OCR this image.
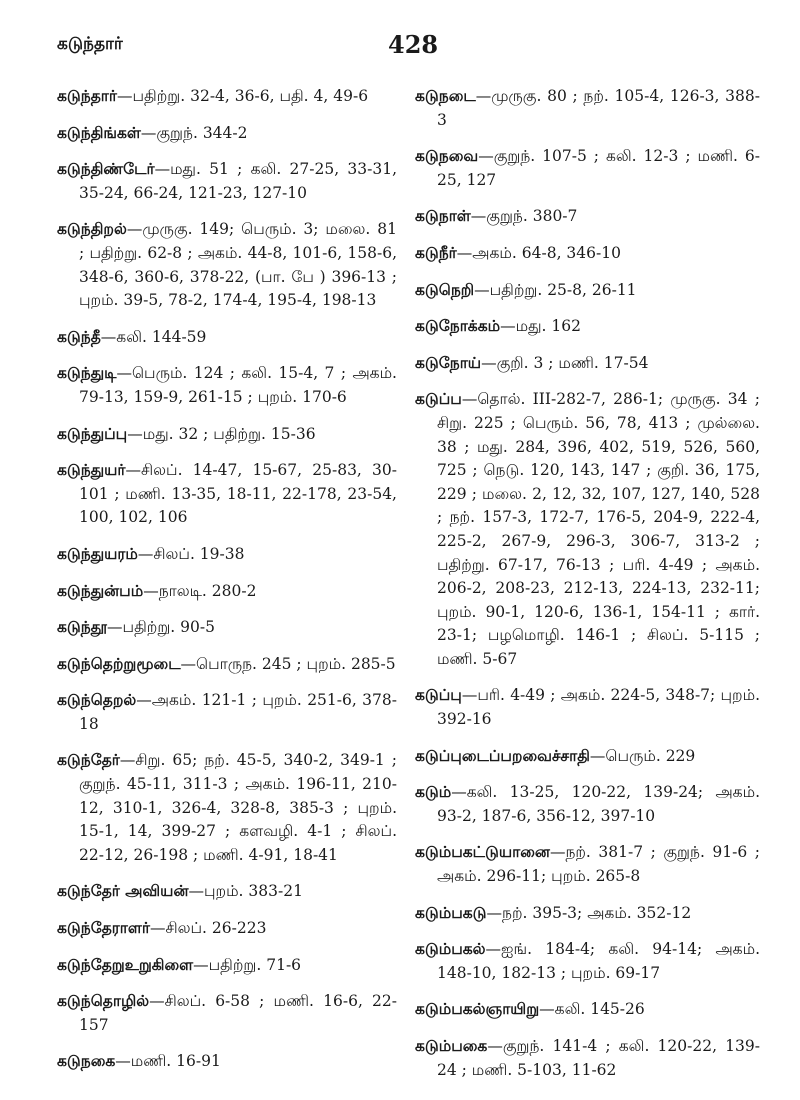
கடுந்தார்	428

கடுந்தார்—பதிற்று. 32-4, 36-6, பதி. 4, 49-6

கடுந்திங்கள்—குறுந். 344-2

கடுந்திண்டேர்—மது. 51 ; கலி. 27-25, 33-31, 35-24, 66-24, 121-23, 127-10

கடுந்திறல்—முருகு. 149; பெரும். 3; மலை. 81 ; பதிற்று. 62-8 ; அகம். 44-8, 101-6, 158-6, 348-6, 360-6, 378-22, (பா. பே ) 396-13 ; புறம். 39-5, 78-2, 174-4, 195-4, 198-13

கடுந்தீ—கலி. 144-59

கடுந்துடி—பெரும். 124 ; கலி. 15-4, 7 ; அகம். 79-13, 159-9, 261-15 ; புறம். 170-6

கடுந்துப்பு—மது. 32 ; பதிற்று. 15-36

கடுந்துயர்—சிலப். 14-47, 15-67, 25-83, 30-101 ; மணி. 13-35, 18-11, 22-178, 23-54, 100, 102, 106

கடுந்துயரம்—சிலப். 19-38

கடுந்துன்பம்—நாலடி. 280-2

கடுந்தூ—பதிற்று. 90-5

கடுந்தெற்றுமூடை—பொருந. 245 ; புறம். 285-5

கடுந்தெறல்—அகம். 121-1 ; புறம். 251-6, 378-18

கடுந்தேர்—சிறு. 65; நற். 45-5, 340-2, 349-1 ; குறுந். 45-11, 311-3 ; அகம். 196-11, 210-12, 310-1, 326-4, 328-8, 385-3 ; புறம். 15-1, 14, 399-27 ; களவழி. 4-1 ; சிலப். 22-12, 26-198 ; மணி. 4-91, 18-41

கடுந்தேர் அவியன்—புறம். 383-21

கடுந்தேராளர்—சிலப். 26-223

கடுந்தேறுஉறுகிளை—பதிற்று. 71-6

கடுந்தொழில்—சிலப். 6-58 ; மணி. 16-6, 22-157

கடுநகை—மணி. 16-91

கடுநடை—முருகு. 80 ; நற். 105-4, 126-3, 388-3

கடுநவை—குறுந். 107-5 ; கலி. 12-3 ; மணி. 6-25, 127

கடுநாள்—குறுந். 380-7

கடுநீர்—அகம். 64-8, 346-10

கடுநெறி—பதிற்று. 25-8, 26-11

கடுநோக்கம்—மது. 162

கடுநோய்—குறி. 3 ; மணி. 17-54

கடுப்ப—தொல். III-282-7, 286-1; முருகு. 34 ; சிறு. 225 ; பெரும். 56, 78, 413 ; முல்லை. 38 ; மது. 284, 396, 402, 519, 526, 560, 725 ; நெடு. 120, 143, 147 ; குறி. 36, 175, 229 ; மலை. 2, 12, 32, 107, 127, 140, 528 ; நற். 157-3, 172-7, 176-5, 204-9, 222-4, 225-2, 267-9, 296-3, 306-7, 313-2 ; பதிற்று. 67-17, 76-13 ; பரி. 4-49 ; அகம். 206-2, 208-23, 212-13, 224-13, 232-11; புறம். 90-1, 120-6, 136-1, 154-11 ; கார். 23-1; பழமொழி. 146-1 ; சிலப். 5-115 ; மணி. 5-67

கடுப்பு—பரி. 4-49 ; அகம். 224-5, 348-7; புறம். 392-16

கடுப்புடைப்பறவைச்சாதி—பெரும். 229

கடும்—கலி. 13-25, 120-22, 139-24; அகம். 93-2, 187-6, 356-12, 397-10

கடும்பகட்டுயானை—நற். 381-7 ; குறுந். 91-6 ; அகம். 296-11; புறம். 265-8

கடும்பகடு—நற். 395-3; அகம். 352-12

கடும்பகல்—ஐங். 184-4; கலி. 94-14; அகம். 148-10, 182-13 ; புறம். 69-17

கடும்பகல்ஞாயிறு—கலி. 145-26

கடும்பகை—குறுந். 141-4 ; கலி. 120-22, 139-24 ; மணி. 5-103, 11-62
